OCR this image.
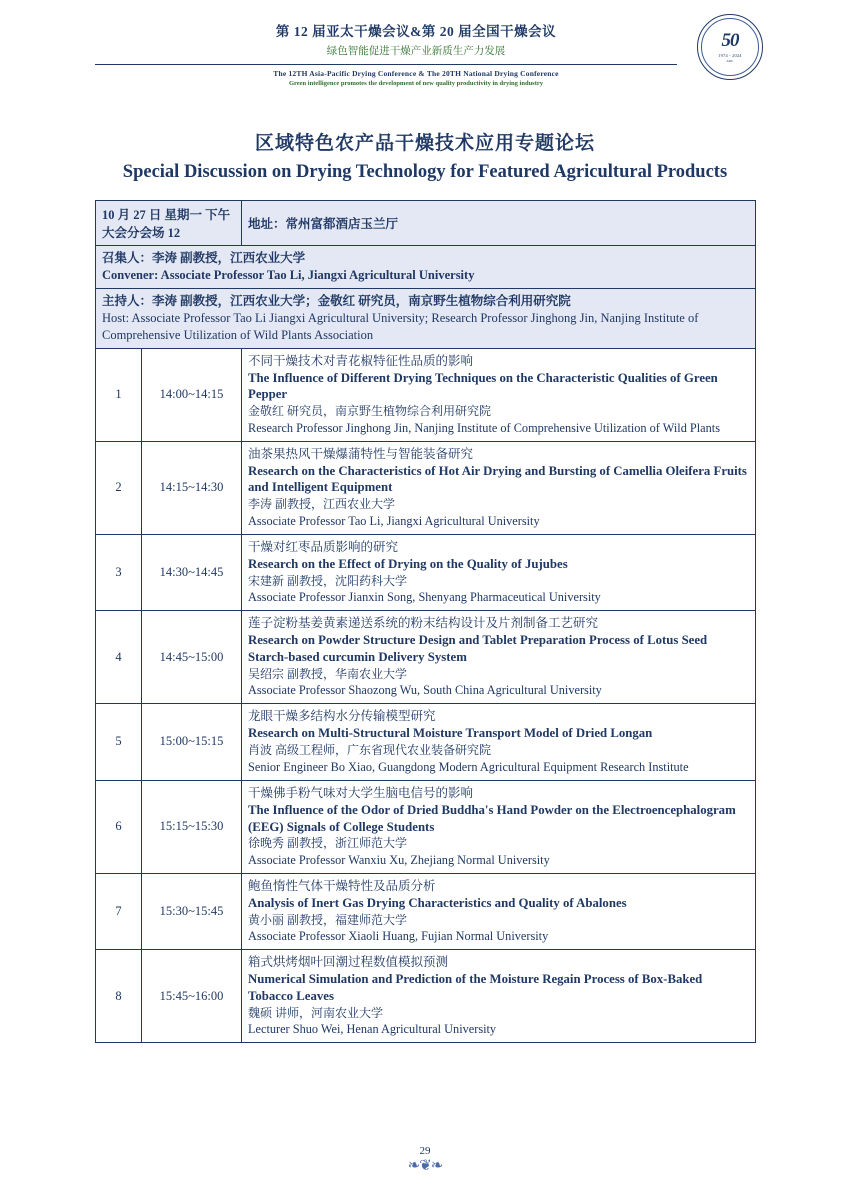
第 12 届亚太干燥会议&第 20 届全国干燥会议
绿色智能促进干燥产业新质生产力发展
The 12TH Asia-Pacific Drying Conference & The 20TH National Drying Conference
Green intelligence promotes the development of new quality productivity in drying industry
50
1974 - 2024
ADC
区域特色农产品干燥技术应用专题论坛
Special Discussion on Drying Technology for Featured Agricultural Products
10 月 27 日 星期一 下午 大会分会场 12		地址：常州富都酒店玉兰厅

召集人：李涛 副教授，江西农业大学
Convener: Associate Professor Tao Li, Jiangxi Agricultural University		

主持人：李涛 副教授，江西农业大学；金敬红 研究员，南京野生植物综合利用研究院
Host: Associate Professor Tao Li Jiangxi Agricultural University; Research Professor Jinghong Jin, Nanjing Institute of Comprehensive Utilization of Wild Plants Association		

1	14:00~14:15	不同干燥技术对青花椒特征性品质的影响
The Influence of Different Drying Techniques on the Characteristic Qualities of Green Pepper
金敬红 研究员，南京野生植物综合利用研究院
Research Professor Jinghong Jin, Nanjing Institute of Comprehensive Utilization of Wild Plants

2	14:15~14:30	油茶果热风干燥爆蒲特性与智能装备研究
Research on the Characteristics of Hot Air Drying and Bursting of Camellia Oleifera Fruits and Intelligent Equipment
李涛 副教授，江西农业大学
Associate Professor Tao Li, Jiangxi Agricultural University

3	14:30~14:45	干燥对红枣品质影响的研究
Research on the Effect of Drying on the Quality of Jujubes
宋建新 副教授，沈阳药科大学
Associate Professor Jianxin Song, Shenyang Pharmaceutical University

4	14:45~15:00	莲子淀粉基姜黄素递送系统的粉末结构设计及片剂制备工艺研究
Research on Powder Structure Design and Tablet Preparation Process of Lotus Seed Starch-based curcumin Delivery System
吴绍宗 副教授，华南农业大学
Associate Professor Shaozong Wu, South China Agricultural University

5	15:00~15:15	龙眼干燥多结构水分传输模型研究
Research on Multi-Structural Moisture Transport Model of Dried Longan
肖波 高级工程师，广东省现代农业装备研究院
Senior Engineer Bo Xiao, Guangdong Modern Agricultural Equipment Research Institute

6	15:15~15:30	干燥佛手粉气味对大学生脑电信号的影响
The Influence of the Odor of Dried Buddha's Hand Powder on the Electroencephalogram (EEG) Signals of College Students
徐晚秀 副教授，浙江师范大学
Associate Professor Wanxiu Xu, Zhejiang Normal University

7	15:30~15:45	鲍鱼惰性气体干燥特性及品质分析
Analysis of Inert Gas Drying Characteristics and Quality of Abalones
黄小丽 副教授，福建师范大学
Associate Professor Xiaoli Huang, Fujian Normal University

8	15:45~16:00	箱式烘烤烟叶回潮过程数值模拟预测
Numerical Simulation and Prediction of the Moisture Regain Process of Box-Baked Tobacco Leaves
魏硕 讲师，河南农业大学
Lecturer Shuo Wei, Henan Agricultural University
29
❧❦❧
